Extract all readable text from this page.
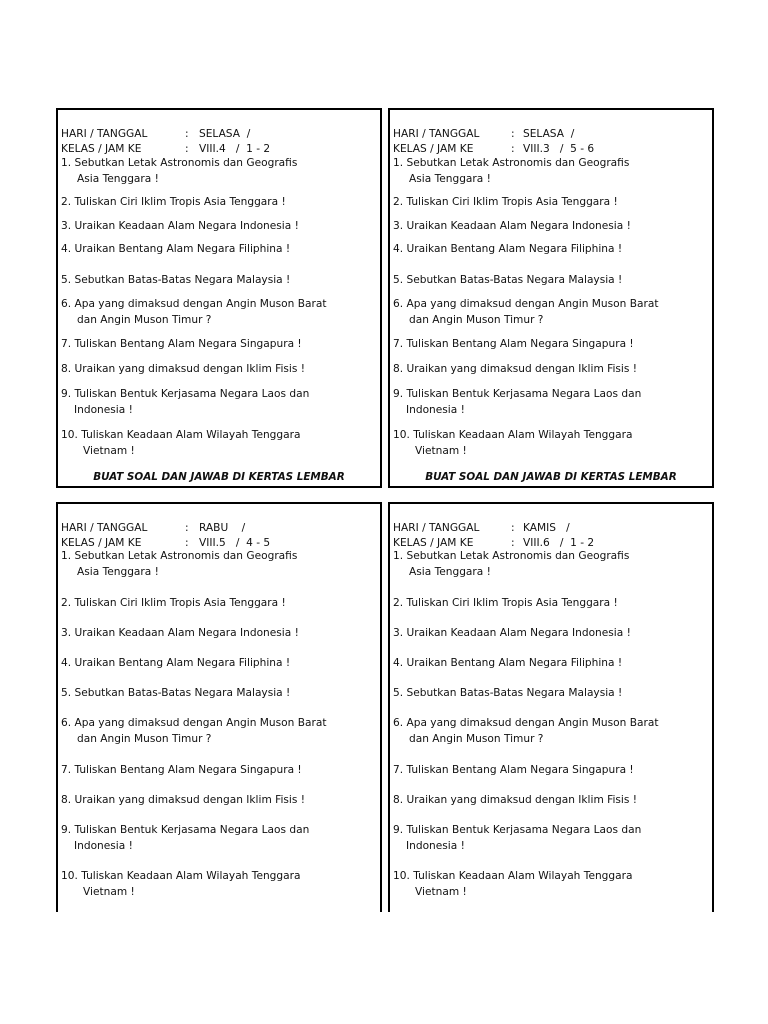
HARI / TANGGAL	: SELASA  /

KELAS / JAM KE	: VIII.4   /  1 - 2

1. Sebutkan Letak Astronomis dan Geografis
Asia Tenggara !
2. Tuliskan Ciri Iklim Tropis Asia Tenggara !
3. Uraikan Keadaan Alam Negara Indonesia !
4. Uraikan Bentang Alam Negara Filiphina !
5. Sebutkan Batas-Batas Negara Malaysia !
6. Apa yang dimaksud dengan Angin Muson Barat
dan Angin Muson Timur ?
7. Tuliskan Bentang Alam Negara Singapura !
8. Uraikan yang dimaksud dengan Iklim Fisis !
9. Tuliskan Bentuk Kerjasama Negara Laos dan
Indonesia !
10. Tuliskan Keadaan Alam Wilayah Tenggara
Vietnam !
BUAT SOAL DAN JAWAB DI KERTAS LEMBAR

HARI / TANGGAL	: SELASA  /

KELAS / JAM KE	: VIII.3   /  5 - 6

1. Sebutkan Letak Astronomis dan Geografis
Asia Tenggara !
2. Tuliskan Ciri Iklim Tropis Asia Tenggara !
3. Uraikan Keadaan Alam Negara Indonesia !
4. Uraikan Bentang Alam Negara Filiphina !
5. Sebutkan Batas-Batas Negara Malaysia !
6. Apa yang dimaksud dengan Angin Muson Barat
dan Angin Muson Timur ?
7. Tuliskan Bentang Alam Negara Singapura !
8. Uraikan yang dimaksud dengan Iklim Fisis !
9. Tuliskan Bentuk Kerjasama Negara Laos dan
Indonesia !
10. Tuliskan Keadaan Alam Wilayah Tenggara
Vietnam !
BUAT SOAL DAN JAWAB DI KERTAS LEMBAR

HARI / TANGGAL	: RABU    /

KELAS / JAM KE	: VIII.5   /  4 - 5

1. Sebutkan Letak Astronomis dan Geografis
Asia Tenggara !
2. Tuliskan Ciri Iklim Tropis Asia Tenggara !
3. Uraikan Keadaan Alam Negara Indonesia !
4. Uraikan Bentang Alam Negara Filiphina !
5. Sebutkan Batas-Batas Negara Malaysia !
6. Apa yang dimaksud dengan Angin Muson Barat
dan Angin Muson Timur ?
7. Tuliskan Bentang Alam Negara Singapura !
8. Uraikan yang dimaksud dengan Iklim Fisis !
9. Tuliskan Bentuk Kerjasama Negara Laos dan
Indonesia !
10. Tuliskan Keadaan Alam Wilayah Tenggara
Vietnam !

HARI / TANGGAL	: KAMIS   /

KELAS / JAM KE	: VIII.6   /  1 - 2

1. Sebutkan Letak Astronomis dan Geografis
Asia Tenggara !
2. Tuliskan Ciri Iklim Tropis Asia Tenggara !
3. Uraikan Keadaan Alam Negara Indonesia !
4. Uraikan Bentang Alam Negara Filiphina !
5. Sebutkan Batas-Batas Negara Malaysia !
6. Apa yang dimaksud dengan Angin Muson Barat
dan Angin Muson Timur ?
7. Tuliskan Bentang Alam Negara Singapura !
8. Uraikan yang dimaksud dengan Iklim Fisis !
9. Tuliskan Bentuk Kerjasama Negara Laos dan
Indonesia !
10. Tuliskan Keadaan Alam Wilayah Tenggara
Vietnam !
